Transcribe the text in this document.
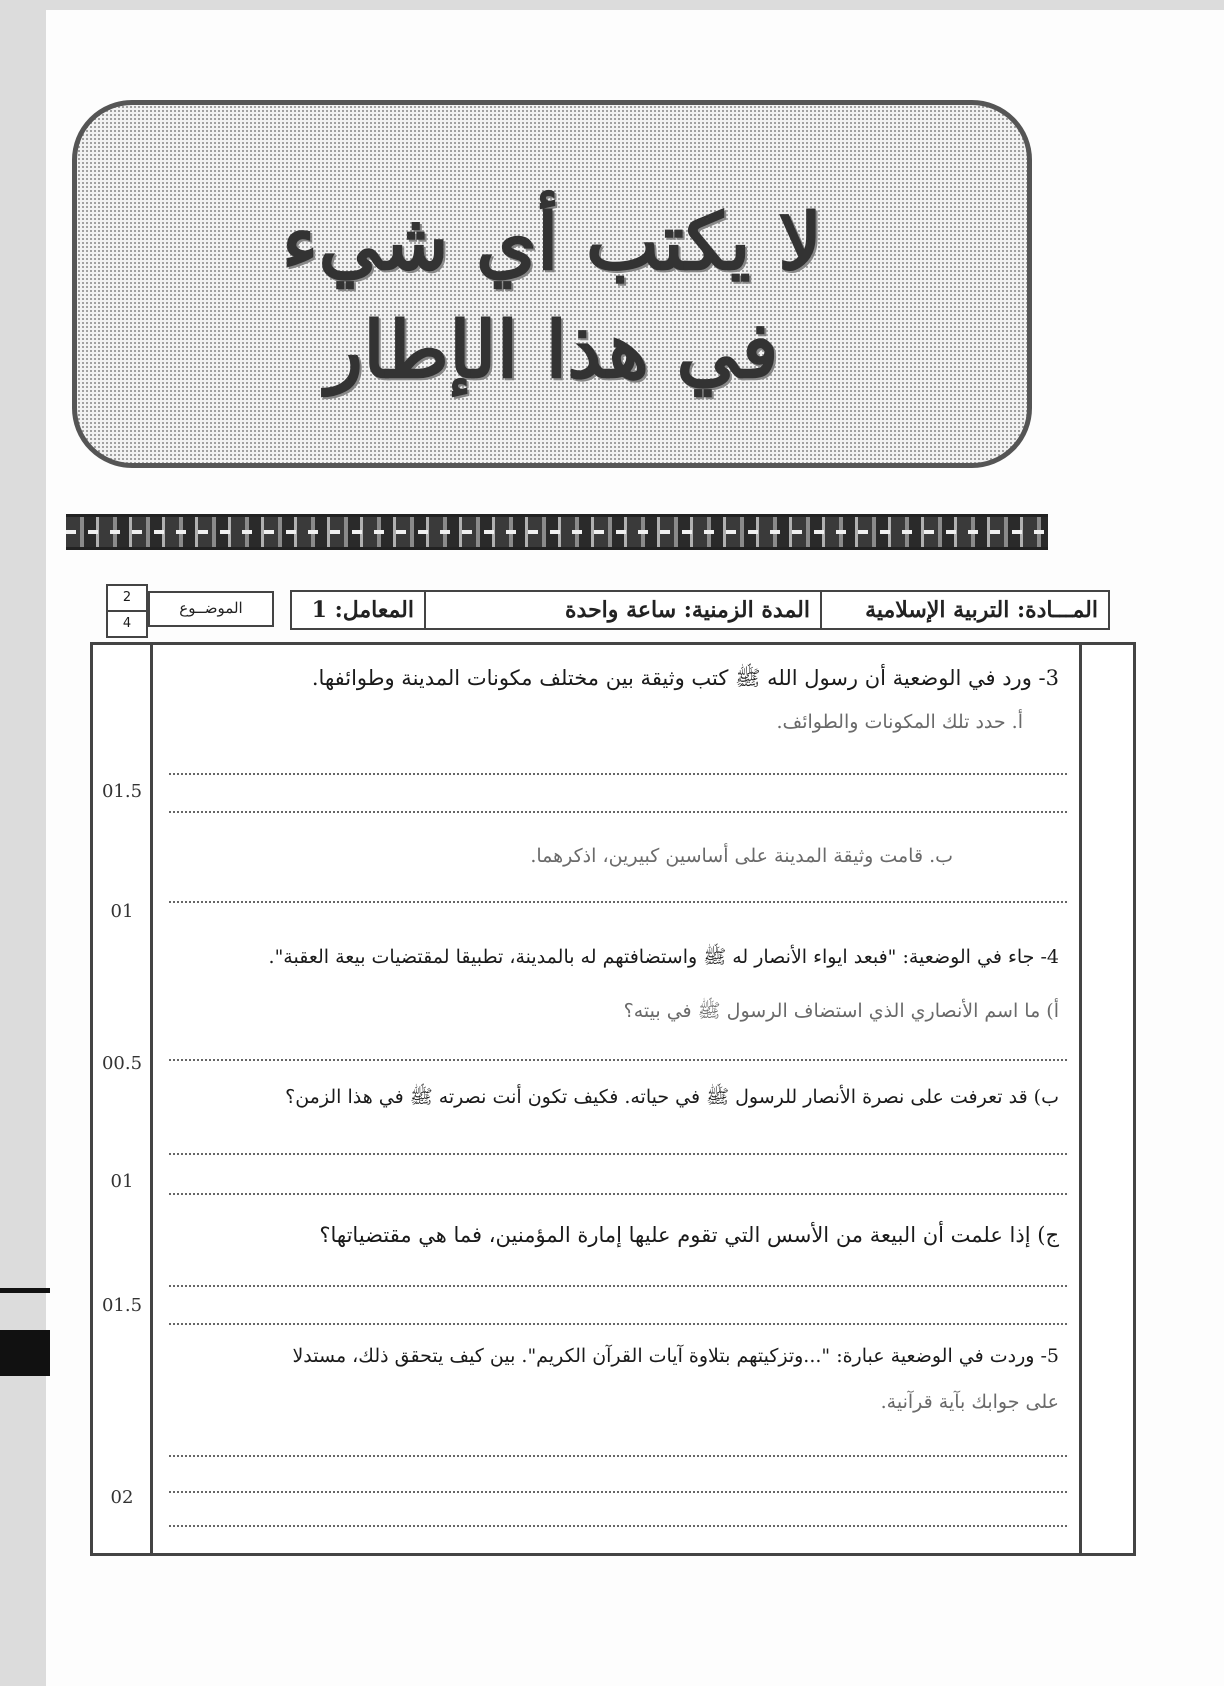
لا يكتب أي شيء
في هذا الإطار
2
4
الموضــوع	المعامل: 1	المدة الزمنية: ساعة واحدة	المـــادة: التربية الإسلامية
3- ورد في الوضعية أن رسول الله ﷺ كتب وثيقة بين مختلف مكونات المدينة وطوائفها.
أ. حدد تلك المكونات والطوائف.
01.5
ب. قامت وثيقة المدينة على أساسين كبيرين، اذكرهما.
01
4- جاء في الوضعية: "فبعد ايواء الأنصار له ﷺ واستضافتهم له بالمدينة، تطبيقا لمقتضيات بيعة العقبة".
أ) ما اسم الأنصاري الذي استضاف الرسول ﷺ في بيته؟
00.5
ب) قد تعرفت على نصرة الأنصار للرسول ﷺ في حياته. فكيف تكون أنت نصرته ﷺ في هذا الزمن؟
01
ج) إذا علمت أن البيعة من الأسس التي تقوم عليها إمارة المؤمنين، فما هي مقتضياتها؟
01.5
5- وردت في الوضعية عبارة: "...وتزكيتهم بتلاوة آيات القرآن الكريم". بين كيف يتحقق ذلك، مستدلا
على جوابك بآية قرآنية.
02
